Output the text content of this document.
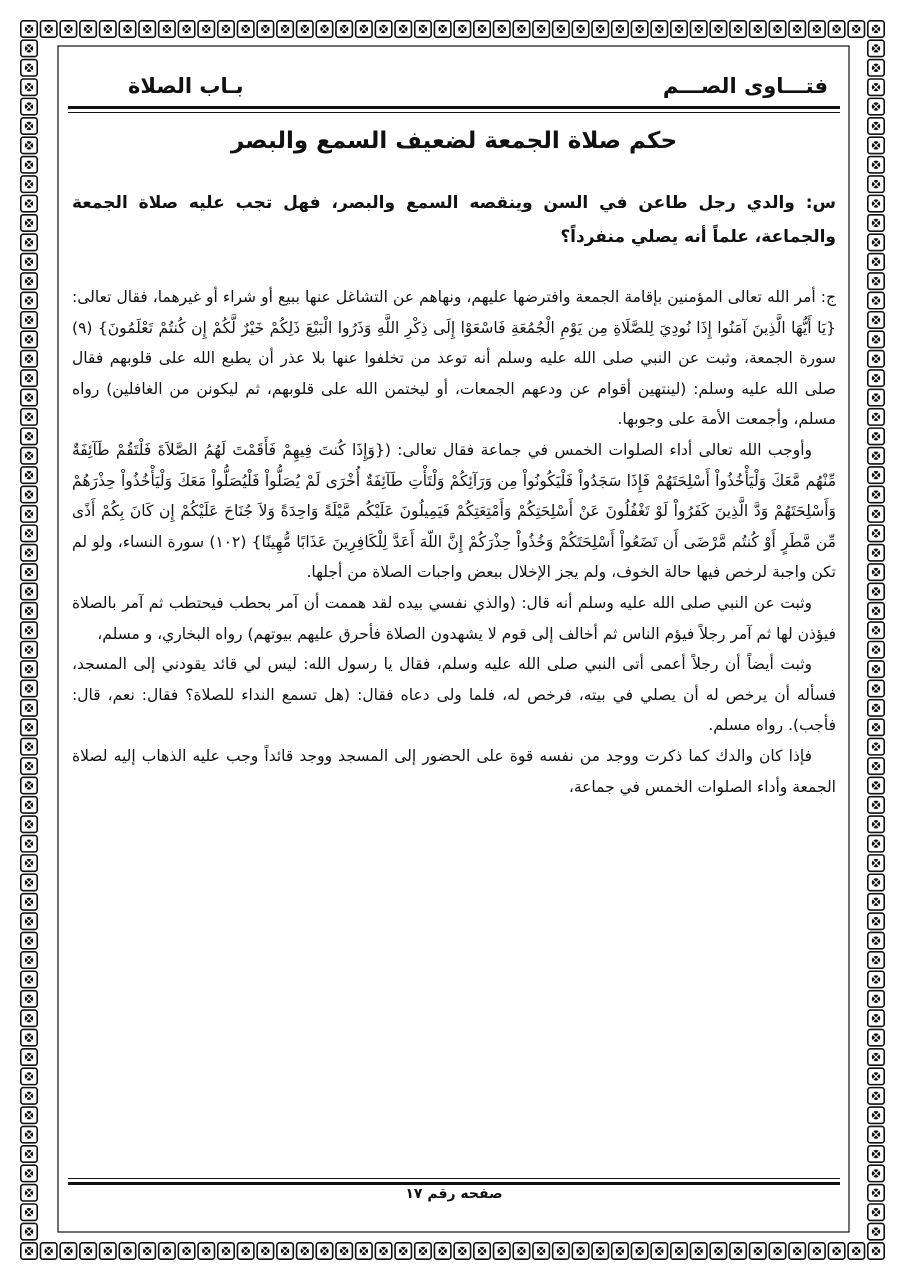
فتـــاوى الصـــم
بـاب الصلاة
حكم صلاة الجمعة لضعيف السمع والبصر
س: والدي رجل طاعن في السن وينقصه السمع والبصر، فهل تجب عليه صلاة الجمعة والجماعة، علماً أنه يصلي منفرداً؟

ج: أمر الله تعالى المؤمنين بإقامة الجمعة وافترضها عليهم، ونهاهم عن التشاغل عنها ببيع أو شراء أو غيرهما، فقال تعالى: {يَا أَيُّهَا الَّذِينَ آمَنُوا إِذَا نُودِيَ لِلصَّلَاةِ مِن يَوْمِ الْجُمُعَةِ فَاسْعَوْا إِلَى ذِكْرِ اللَّهِ وَذَرُوا الْبَيْعَ ذَلِكُمْ خَيْرٌ لَّكُمْ إِن كُنتُمْ تَعْلَمُونَ} (٩) سورة الجمعة، وثبت عن النبي صلى الله عليه وسلم أنه توعد من تخلفوا عنها بلا عذر أن يطبع الله على قلوبهم فقال صلى الله عليه وسلم: (لينتهين أقوام عن ودعهم الجمعات، أو ليختمن الله على قلوبهم، ثم ليكونن من الغافلين) رواه مسلم، وأجمعت الأمة على وجوبها.

وأوجب الله تعالى أداء الصلوات الخمس في جماعة فقال تعالى: ({وَإِذَا كُنتَ فِيهِمْ فَأَقَمْتَ لَهُمُ الصَّلاَةَ فَلْتَقُمْ طَآئِفَةٌ مِّنْهُم مَّعَكَ وَلْيَأْخُذُواْ أَسْلِحَتَهُمْ فَإِذَا سَجَدُواْ فَلْيَكُونُواْ مِن وَرَآئِكُمْ وَلْتَأْتِ طَآئِفَةٌ أُخْرَى لَمْ يُصَلُّواْ فَلْيُصَلُّواْ مَعَكَ وَلْيَأْخُذُواْ حِذْرَهُمْ وَأَسْلِحَتَهُمْ وَدَّ الَّذِينَ كَفَرُواْ لَوْ تَغْفُلُونَ عَنْ أَسْلِحَتِكُمْ وَأَمْتِعَتِكُمْ فَيَمِيلُونَ عَلَيْكُم مَّيْلَةً وَاحِدَةً وَلاَ جُنَاحَ عَلَيْكُمْ إِن كَانَ بِكُمْ أَذًى مِّن مَّطَرٍ أَوْ كُنتُم مَّرْضَى أَن تَضَعُواْ أَسْلِحَتَكُمْ وَخُذُواْ حِذْرَكُمْ إِنَّ اللّهَ أَعَدَّ لِلْكَافِرِينَ عَذَابًا مُّهِينًا} (١٠٢) سورة النساء، ولو لم تكن واجبة لرخص فيها حالة الخوف، ولم يجز الإخلال ببعض واجبات الصلاة من أجلها.

وثبت عن النبي صلى الله عليه وسلم أنه قال: (والذي نفسي بيده لقد هممت أن آمر بحطب فيحتطب ثم آمر بالصلاة فيؤذن لها ثم آمر رجلاً فيؤم الناس ثم أخالف إلى قوم لا يشهدون الصلاة فأحرق عليهم بيوتهم) رواه البخاري، و مسلم،

وثبت أيضاً أن رجلاً أعمى أتى النبي صلى الله عليه وسلم، فقال يا رسول الله: ليس لي قائد يقودني إلى المسجد، فسأله أن يرخص له أن يصلي في بيته، فرخص له، فلما ولى دعاه فقال: (هل تسمع النداء للصلاة؟ فقال: نعم، قال: فأجب). رواه مسلم.

فإذا كان والدك كما ذكرت ووجد من نفسه قوة على الحضور إلى المسجد ووجد قائداً وجب عليه الذهاب إليه لصلاة الجمعة وأداء الصلوات الخمس في جماعة،

صفحه رقم ١٧
